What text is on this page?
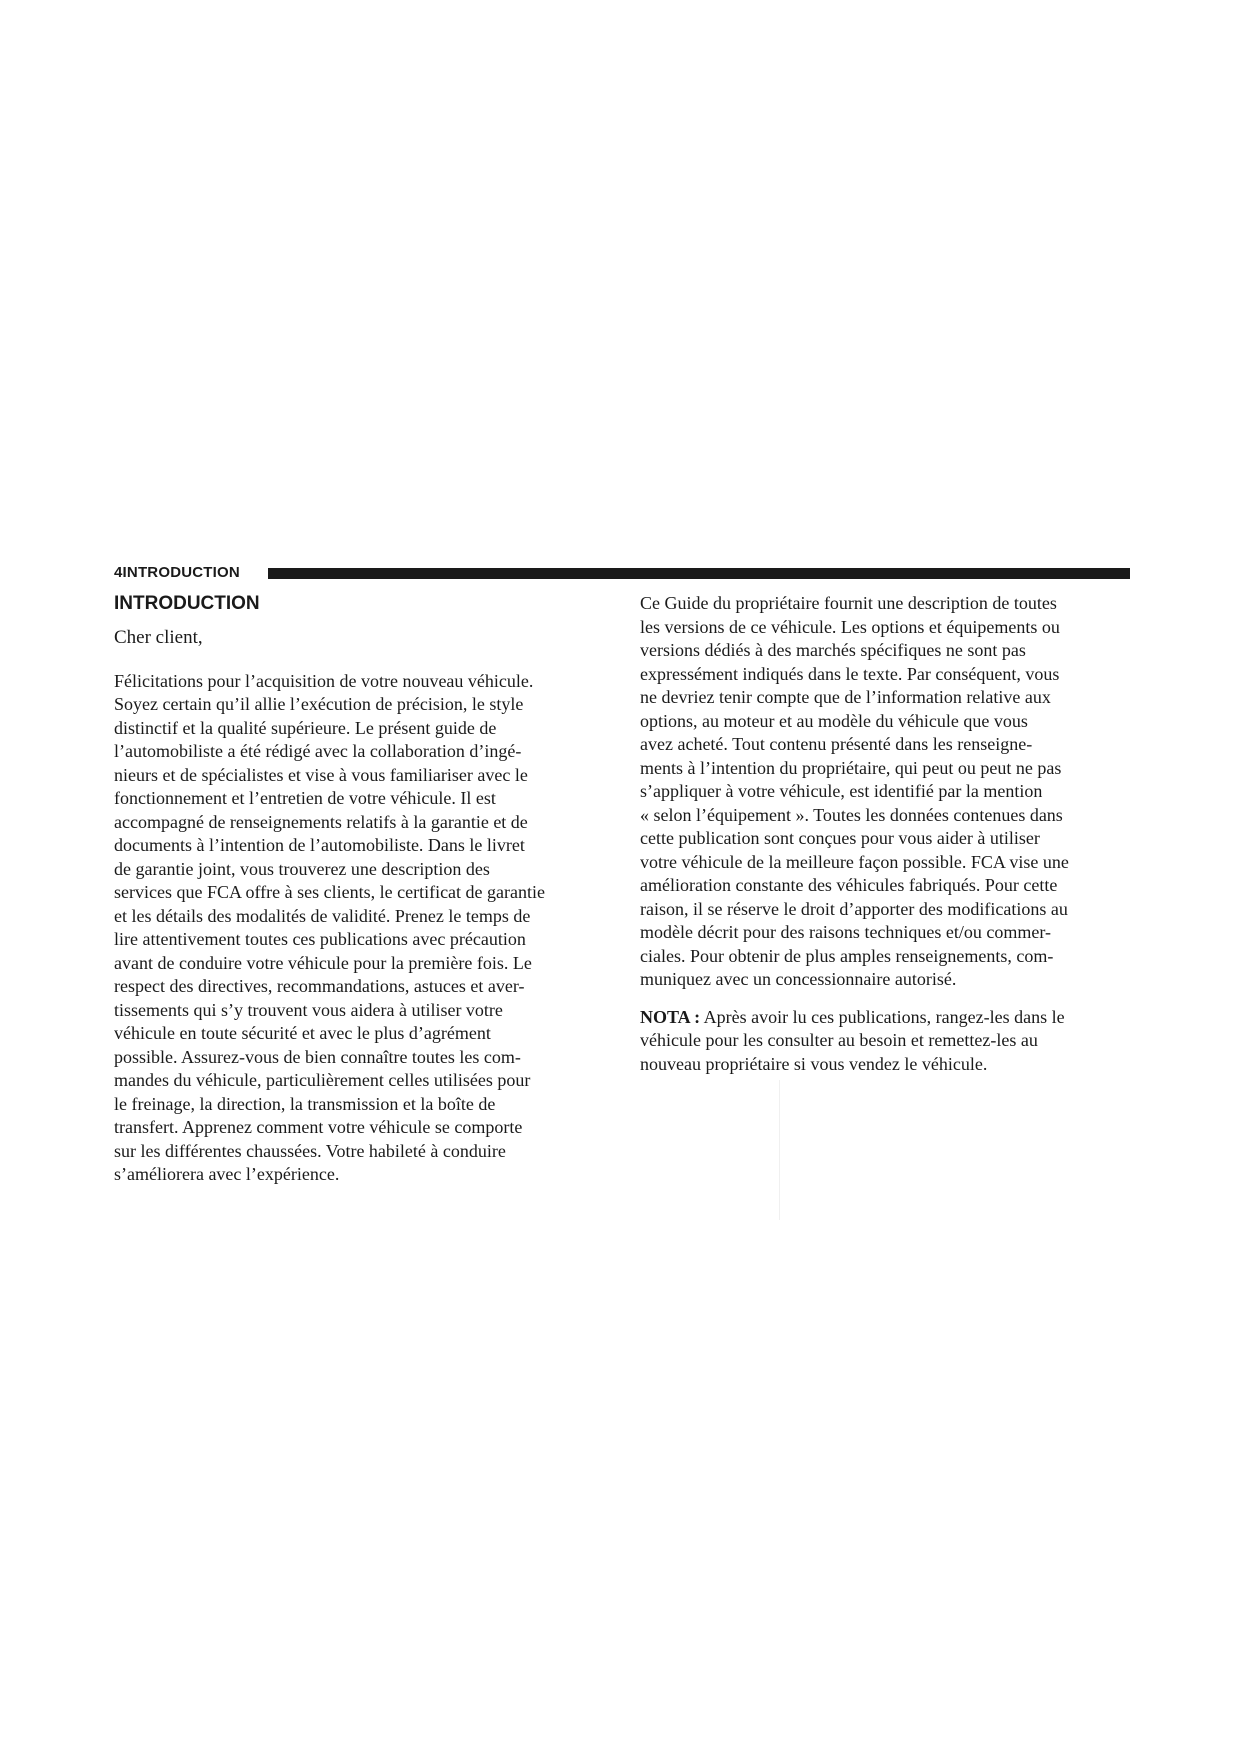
4INTRODUCTION
INTRODUCTION

Cher client,

Félicitations pour l’acquisition de votre nouveau véhicule.
Soyez certain qu’il allie l’exécution de précision, le style
distinctif et la qualité supérieure. Le présent guide de
l’automobiliste a été rédigé avec la collaboration d’ingé-
nieurs et de spécialistes et vise à vous familiariser avec le
fonctionnement et l’entretien de votre véhicule. Il est
accompagné de renseignements relatifs à la garantie et de
documents à l’intention de l’automobiliste. Dans le livret
de garantie joint, vous trouverez une description des
services que FCA offre à ses clients, le certificat de garantie
et les détails des modalités de validité. Prenez le temps de
lire attentivement toutes ces publications avec précaution
avant de conduire votre véhicule pour la première fois. Le
respect des directives, recommandations, astuces et aver-
tissements qui s’y trouvent vous aidera à utiliser votre
véhicule en toute sécurité et avec le plus d’agrément
possible. Assurez-vous de bien connaître toutes les com-
mandes du véhicule, particulièrement celles utilisées pour
le freinage, la direction, la transmission et la boîte de
transfert. Apprenez comment votre véhicule se comporte
sur les différentes chaussées. Votre habileté à conduire
s’améliorera avec l’expérience.

Ce Guide du propriétaire fournit une description de toutes
les versions de ce véhicule. Les options et équipements ou
versions dédiés à des marchés spécifiques ne sont pas
expressément indiqués dans le texte. Par conséquent, vous
ne devriez tenir compte que de l’information relative aux
options, au moteur et au modèle du véhicule que vous
avez acheté. Tout contenu présenté dans les renseigne-
ments à l’intention du propriétaire, qui peut ou peut ne pas
s’appliquer à votre véhicule, est identifié par la mention
« selon l’équipement ». Toutes les données contenues dans
cette publication sont conçues pour vous aider à utiliser
votre véhicule de la meilleure façon possible. FCA vise une
amélioration constante des véhicules fabriqués. Pour cette
raison, il se réserve le droit d’apporter des modifications au
modèle décrit pour des raisons techniques et/ou commer-
ciales. Pour obtenir de plus amples renseignements, com-
muniquez avec un concessionnaire autorisé.

NOTA : Après avoir lu ces publications, rangez-les dans le
véhicule pour les consulter au besoin et remettez-les au
nouveau propriétaire si vous vendez le véhicule.
